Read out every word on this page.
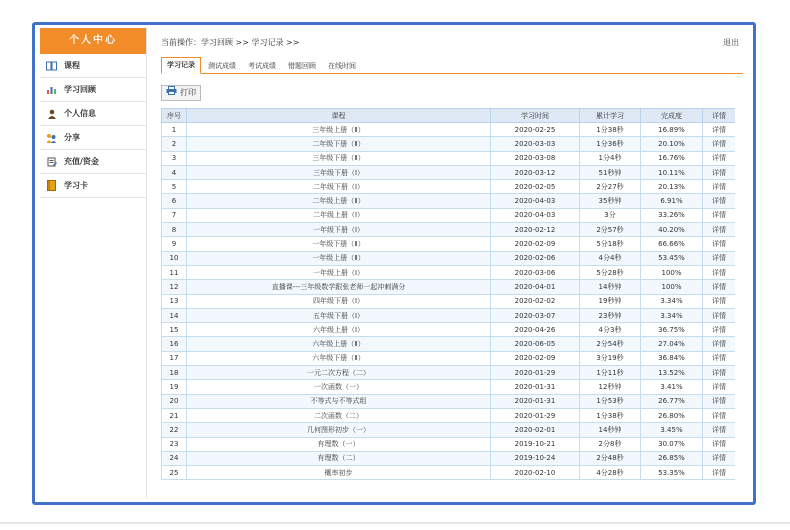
个人中心
课程
学习回顾
个人信息
分享
充值/资金
学习卡
当前操作：学习回顾 >> 学习记录 >>	退出
学习记录	测试成绩	考试成绩	错题回顾	在线时间
打印
序号	课程	学习时间	累计学习	完成度	详情
1	三年级上册（Ⅱ）	2020-02-25	1分38秒	16.89%	详情
2	二年级下册（Ⅱ）	2020-03-03	1分36秒	20.10%	详情
3	三年级下册（Ⅱ）	2020-03-08	1分4秒	16.76%	详情
4	三年级下册（Ⅰ）	2020-03-12	51秒钟	10.11%	详情
5	二年级下册（Ⅰ）	2020-02-05	2分27秒	20.13%	详情
6	二年级上册（Ⅱ）	2020-04-03	35秒钟	6.91%	详情
7	二年级上册（Ⅰ）	2020-04-03	3分	33.26%	详情
8	一年级下册（Ⅰ）	2020-02-12	2分57秒	40.20%	详情
9	一年级下册（Ⅱ）	2020-02-09	5分18秒	66.66%	详情
10	一年级上册（Ⅱ）	2020-02-06	4分4秒	53.45%	详情
11	一年级上册（Ⅰ）	2020-03-06	5分28秒	100%	详情
12	直播课---三年级数学跟张老师一起冲刺满分	2020-04-01	14秒钟	100%	详情
13	四年级下册（Ⅰ）	2020-02-02	19秒钟	3.34%	详情
14	五年级下册（Ⅰ）	2020-03-07	23秒钟	3.34%	详情
15	六年级上册（Ⅰ）	2020-04-26	4分3秒	36.75%	详情
16	六年级上册（Ⅱ）	2020-06-05	2分54秒	27.04%	详情
17	六年级下册（Ⅱ）	2020-02-09	3分19秒	36.84%	详情
18	一元二次方程（二）	2020-01-29	1分11秒	13.52%	详情
19	一次函数（一）	2020-01-31	12秒钟	3.41%	详情
20	不等式与不等式组	2020-01-31	1分53秒	26.77%	详情
21	二次函数（二）	2020-01-29	1分38秒	26.80%	详情
22	几何图形初步（一）	2020-02-01	14秒钟	3.45%	详情
23	有理数（一）	2019-10-21	2分8秒	30.07%	详情
24	有理数（二）	2019-10-24	2分48秒	26.85%	详情
25	概率初步	2020-02-10	4分28秒	53.35%	详情
